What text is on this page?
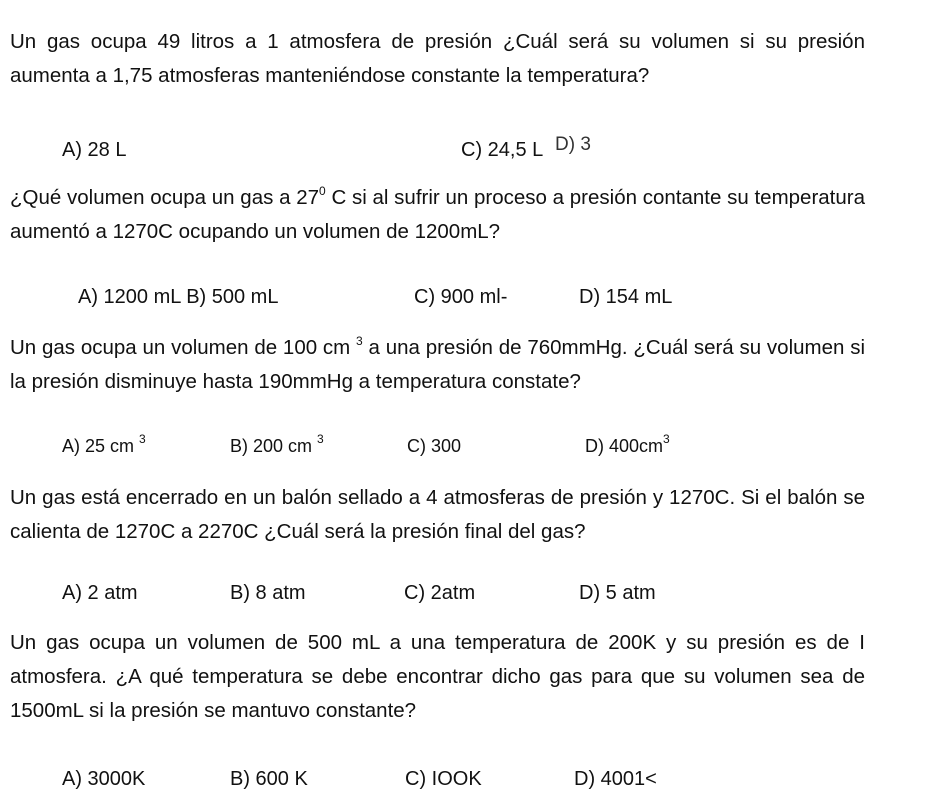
Un gas ocupa 49 litros a 1 atmosfera de presión ¿Cuál será su volumen si su presión aumenta a 1,75 atmosferas manteniéndose constante la temperatura?

A) 28 L	C) 24,5 L D) 3

¿Qué volumen ocupa un gas a $27^0$ C si al sufrir un proceso a presión contante su temperatura aumentó a 1270C ocupando un volumen de 1200mL?

A) 1200 mL B) 500 mL	C) 900 ml-	D) 154 mL

Un gas ocupa un volumen de 100 cm $^3$ a una presión de 760mmHg. ¿Cuál será su volumen si la presión disminuye hasta 190mmHg a temperatura constate?

A) 25 cm $^3$	B) 200 cm $^3$	C) 300	D) $400cm^3$

Un gas está encerrado en un balón sellado a 4 atmosferas de presión y 1270C. Si el balón se calienta de 1270C a 2270C ¿Cuál será la presión final del gas?

A) 2 atm	B) 8 atm	C) 2atm	D) 5 atm

Un gas ocupa un volumen de 500 mL a una temperatura de 200K y su presión es de I atmosfera. ¿A qué temperatura se debe encontrar dicho gas para que su volumen sea de 1500mL si la presión se mantuvo constante?

A) 3000K	B) 600 K	C) IOOK	D) 4001<
